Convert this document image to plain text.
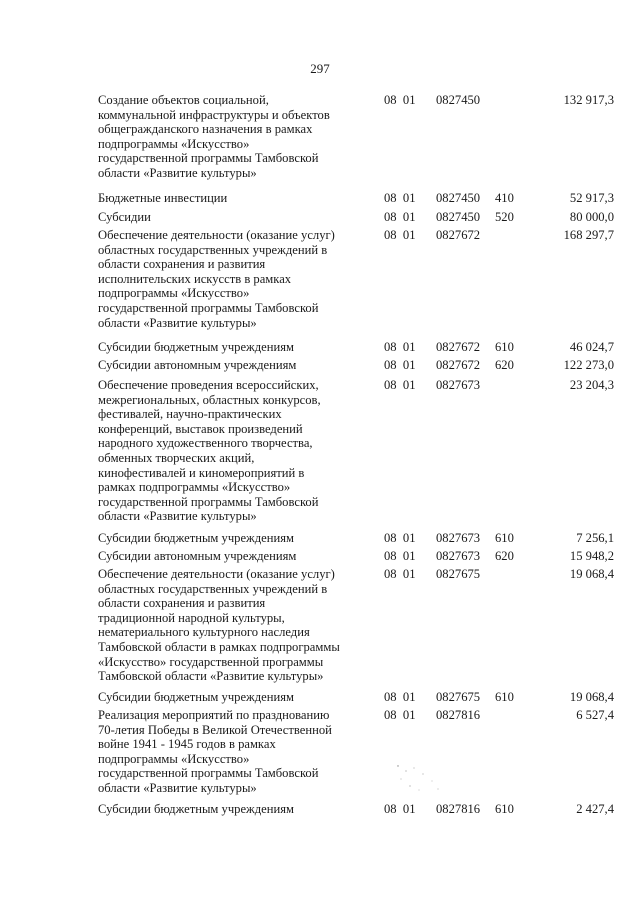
297
Создание объектов социальной,
коммунальной инфраструктуры и объектов
общегражданского назначения в рамках
подпрограммы «Искусство»
государственной программы Тамбовской
области «Развитие культуры»
08  01 0827450	132 917,3
Бюджетные инвестиции	08  01 0827450 410	52 917,3
Субсидии	08  01 0827450 520	80 000,0
Обеспечение деятельности (оказание услуг)
областных государственных учреждений в
области сохранения и развития
исполнительских искусств в рамках
подпрограммы «Искусство»
государственной программы Тамбовской
области «Развитие культуры»
08  01 0827672	168 297,7
Субсидии бюджетным учреждениям	08  01 0827672 610	46 024,7
Субсидии автономным учреждениям	08  01 0827672 620	122 273,0
Обеспечение проведения всероссийских,
межрегиональных, областных конкурсов,
фестивалей, научно-практических
конференций, выставок произведений
народного художественного творчества,
обменных творческих акций,
кинофестивалей и киномероприятий в
рамках подпрограммы «Искусство»
государственной программы Тамбовской
области «Развитие культуры»
08  01 0827673	23 204,3
Субсидии бюджетным учреждениям	08  01 0827673 610	7 256,1
Субсидии автономным учреждениям	08  01 0827673 620	15 948,2
Обеспечение деятельности (оказание услуг)
областных государственных учреждений в
области сохранения и развития
традиционной народной культуры,
нематериального культурного наследия
Тамбовской области в рамках подпрограммы
«Искусство» государственной программы
Тамбовской области «Развитие культуры»
08  01 0827675	19 068,4
Субсидии бюджетным учреждениям	08  01 0827675 610	19 068,4
Реализация мероприятий по празднованию
70-летия Победы в Великой Отечественной
войне 1941 - 1945 годов в рамках
подпрограммы «Искусство»
государственной программы Тамбовской
области «Развитие культуры»
08  01 0827816	6 527,4
Субсидии бюджетным учреждениям	08  01 0827816 610	2 427,4
